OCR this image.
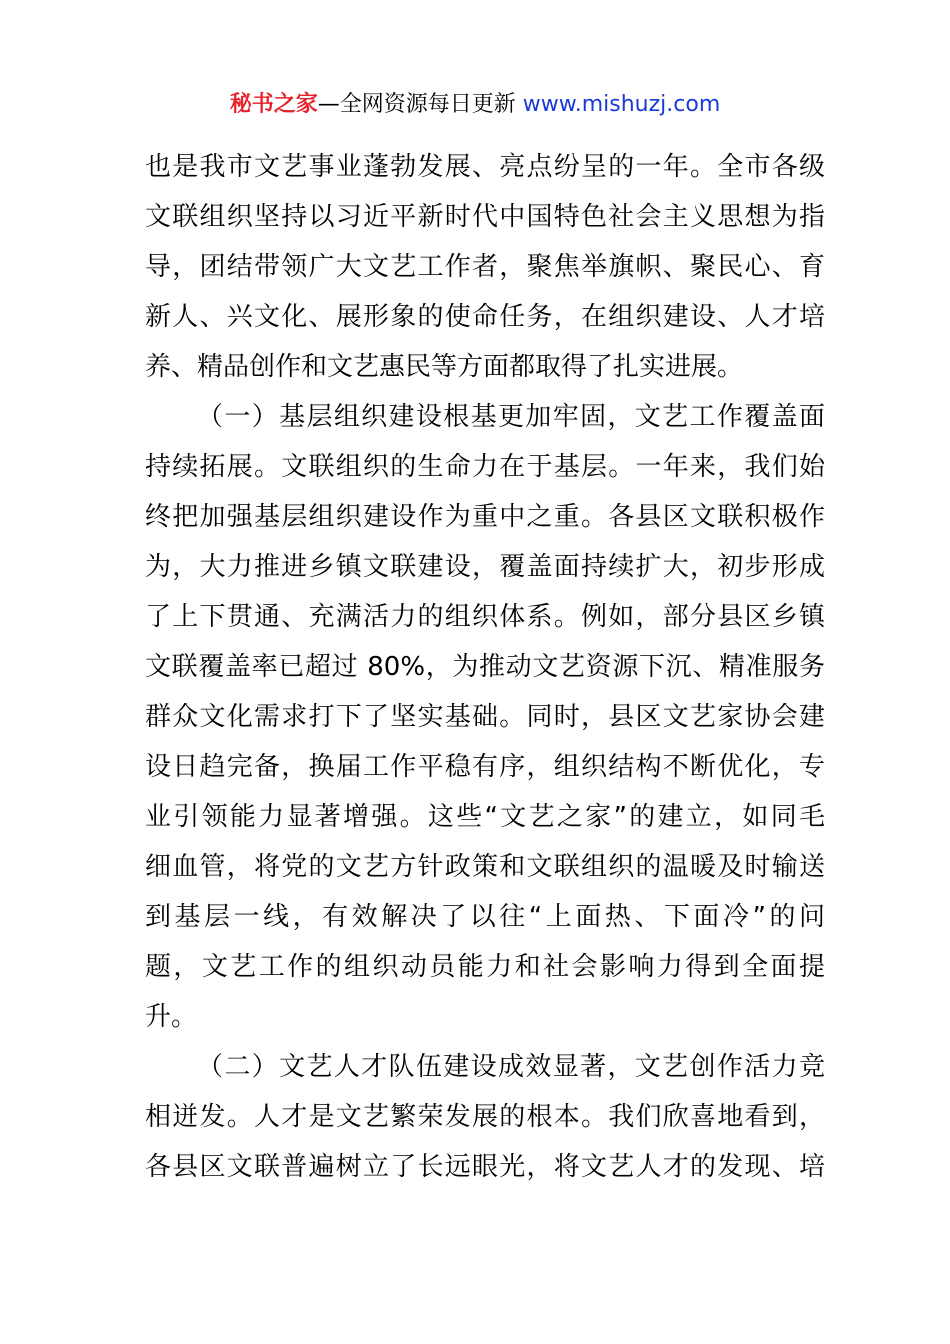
秘书之家—全网资源每日更新 www.mishuzj.com
也是我市文艺事业蓬勃发展、亮点纷呈的一年。全市各级
文联组织坚持以习近平新时代中国特色社会主义思想为指
导，团结带领广大文艺工作者，聚焦举旗帜、聚民心、育
新人、兴文化、展形象的使命任务，在组织建设、人才培
养、精品创作和文艺惠民等方面都取得了扎实进展。
（一）基层组织建设根基更加牢固，文艺工作覆盖面
持续拓展。文联组织的生命力在于基层。一年来，我们始
终把加强基层组织建设作为重中之重。各县区文联积极作
为，大力推进乡镇文联建设，覆盖面持续扩大，初步形成
了上下贯通、充满活力的组织体系。例如，部分县区乡镇
文联覆盖率已超过 80%，为推动文艺资源下沉、精准服务
群众文化需求打下了坚实基础。同时，县区文艺家协会建
设日趋完备，换届工作平稳有序，组织结构不断优化，专
业引领能力显著增强。这些“文艺之家”的建立，如同毛
细血管，将党的文艺方针政策和文联组织的温暖及时输送
到基层一线，有效解决了以往“上面热、下面冷”的问
题，文艺工作的组织动员能力和社会影响力得到全面提
升。
（二）文艺人才队伍建设成效显著，文艺创作活力竞
相迸发。人才是文艺繁荣发展的根本。我们欣喜地看到，
各县区文联普遍树立了长远眼光，将文艺人才的发现、培
